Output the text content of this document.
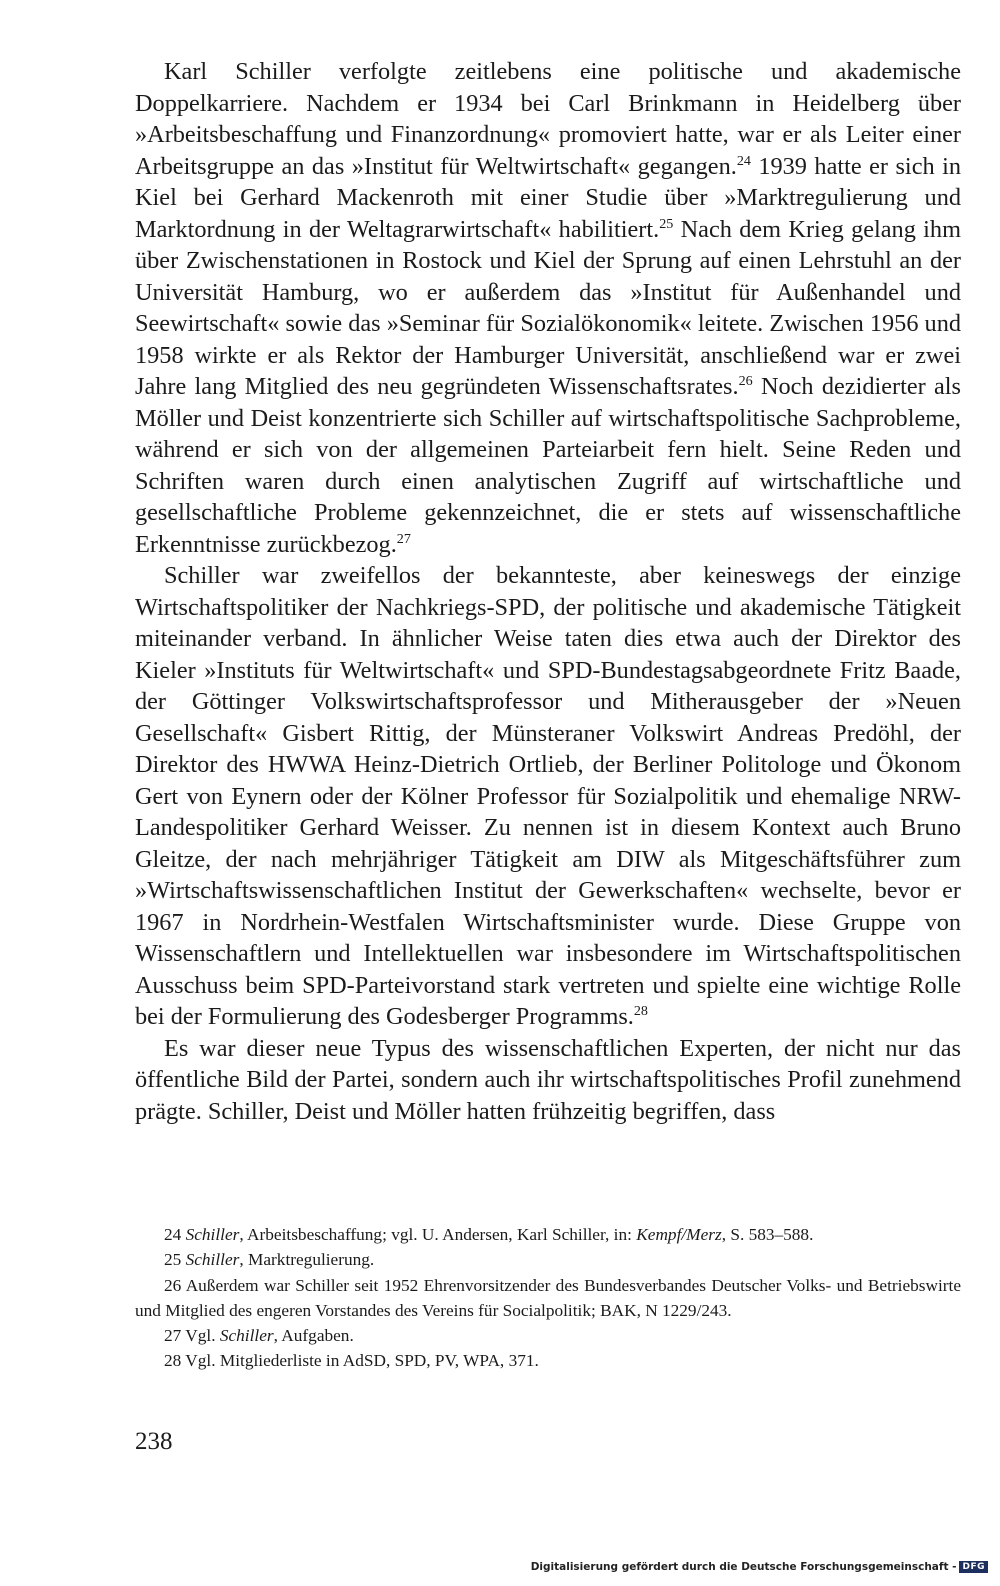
Karl Schiller verfolgte zeitlebens eine politische und akademische Doppelkarriere. Nachdem er 1934 bei Carl Brinkmann in Heidelberg über »Arbeitsbeschaffung und Finanzordnung« promoviert hatte, war er als Leiter einer Arbeitsgruppe an das »Institut für Weltwirtschaft« gegangen.$^{24}$ 1939 hatte er sich in Kiel bei Gerhard Mackenroth mit einer Studie über »Marktregulierung und Marktordnung in der Weltagrarwirtschaft« habilitiert.$^{25}$ Nach dem Krieg gelang ihm über Zwischenstationen in Rostock und Kiel der Sprung auf einen Lehrstuhl an der Universität Hamburg, wo er außerdem das »Institut für Außenhandel und Seewirtschaft« sowie das »Seminar für Sozialökonomik« leitete. Zwischen 1956 und 1958 wirkte er als Rektor der Hamburger Universität, anschließend war er zwei Jahre lang Mitglied des neu gegründeten Wissenschaftsrates.$^{26}$ Noch dezidierter als Möller und Deist konzentrierte sich Schiller auf wirtschaftspolitische Sachprobleme, während er sich von der allgemeinen Parteiarbeit fern hielt. Seine Reden und Schriften waren durch einen analytischen Zugriff auf wirtschaftliche und gesellschaftliche Probleme gekennzeichnet, die er stets auf wissenschaftliche Erkenntnisse zurückbezog.$^{27}$

Schiller war zweifellos der bekannteste, aber keineswegs der einzige Wirtschaftspolitiker der Nachkriegs-SPD, der politische und akademische Tätigkeit miteinander verband. In ähnlicher Weise taten dies etwa auch der Direktor des Kieler »Instituts für Weltwirtschaft« und SPD-Bundestagsabgeordnete Fritz Baade, der Göttinger Volkswirtschaftsprofessor und Mitherausgeber der »Neuen Gesellschaft« Gisbert Rittig, der Münsteraner Volkswirt Andreas Predöhl, der Direktor des HWWA Heinz-Dietrich Ortlieb, der Berliner Politologe und Ökonom Gert von Eynern oder der Kölner Professor für Sozialpolitik und ehemalige NRW-Landespolitiker Gerhard Weisser. Zu nennen ist in diesem Kontext auch Bruno Gleitze, der nach mehrjähriger Tätigkeit am DIW als Mitgeschäftsführer zum »Wirtschaftswissenschaftlichen Institut der Gewerkschaften« wechselte, bevor er 1967 in Nordrhein-Westfalen Wirtschaftsminister wurde. Diese Gruppe von Wissenschaftlern und Intellektuellen war insbesondere im Wirtschaftspolitischen Ausschuss beim SPD-Parteivorstand stark vertreten und spielte eine wichtige Rolle bei der Formulierung des Godesberger Programms.$^{28}$

Es war dieser neue Typus des wissenschaftlichen Experten, der nicht nur das öffentliche Bild der Partei, sondern auch ihr wirtschaftspolitisches Profil zunehmend prägte. Schiller, Deist und Möller hatten frühzeitig begriffen, dass

24 Schiller, Arbeitsbeschaffung; vgl. U. Andersen, Karl Schiller, in: Kempf/Merz, S. 583–588.

25 Schiller, Marktregulierung.

26 Außerdem war Schiller seit 1952 Ehrenvorsitzender des Bundesverbandes Deutscher Volks- und Betriebswirte und Mitglied des engeren Vorstandes des Vereins für Socialpolitik; BAK, N 1229/243.

27 Vgl. Schiller, Aufgaben.

28 Vgl. Mitgliederliste in AdSD, SPD, PV, WPA, 371.

238
Digitalisierung gefördert durch die Deutsche Forschungsgemeinschaft - DFG
